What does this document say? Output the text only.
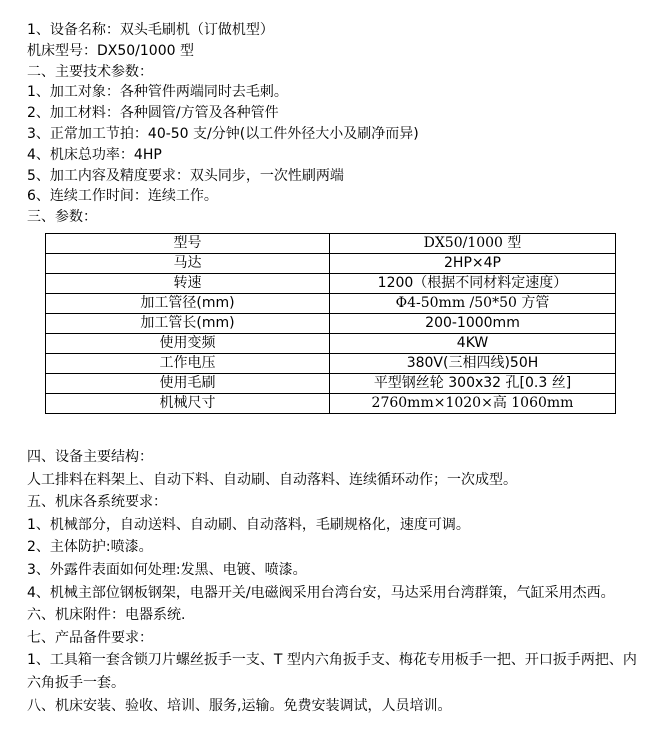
1、设备名称：双头毛刷机（订做机型）
机床型号：DX50/1000 型
二、主要技术参数：
1、加工对象：各种管件两端同时去毛刺。
2、加工材料：各种圆管/方管及各种管件
3、正常加工节拍：40-50 支/分钟(以工件外径大小及刷净而异)
4、机床总功率：4HP
5、加工内容及精度要求：双头同步，一次性刷两端
6、连续工作时间：连续工作。
三、参数：
型号	DX50/1000 型
马达	2HP×4P
转速	1200（根据不同材料定速度）
加工管径(mm)	Φ4-50mm /50*50 方管
加工管长(mm)	200-1000mm
使用变频	4KW
工作电压	380V(三相四线)50H
使用毛刷	平型钢丝轮 300x32 孔[0.3 丝]
机械尺寸	2760mm×1020×高 1060mm
四、设备主要结构：
人工排料在料架上、自动下料、自动刷、自动落料、连续循环动作；一次成型。
五、机床各系统要求：
1、机械部分，自动送料、自动刷、自动落料，毛刷规格化，速度可调。
2、主体防护:喷漆。
3、外露件表面如何处理:发黑、电镀、喷漆。
4、机械主部位钢板钢架，电器开关/电磁阀采用台湾台安，马达采用台湾群策，气缸采用杰西。
六、机床附件：电器系统.
七、产品备件要求：
1、工具箱一套含锁刀片螺丝扳手一支、T 型内六角扳手支、梅花专用板手一把、开口扳手两把、内六角扳手一套。
八、机床安装、验收、培训、服务,运输。免费安装调试，人员培训。
